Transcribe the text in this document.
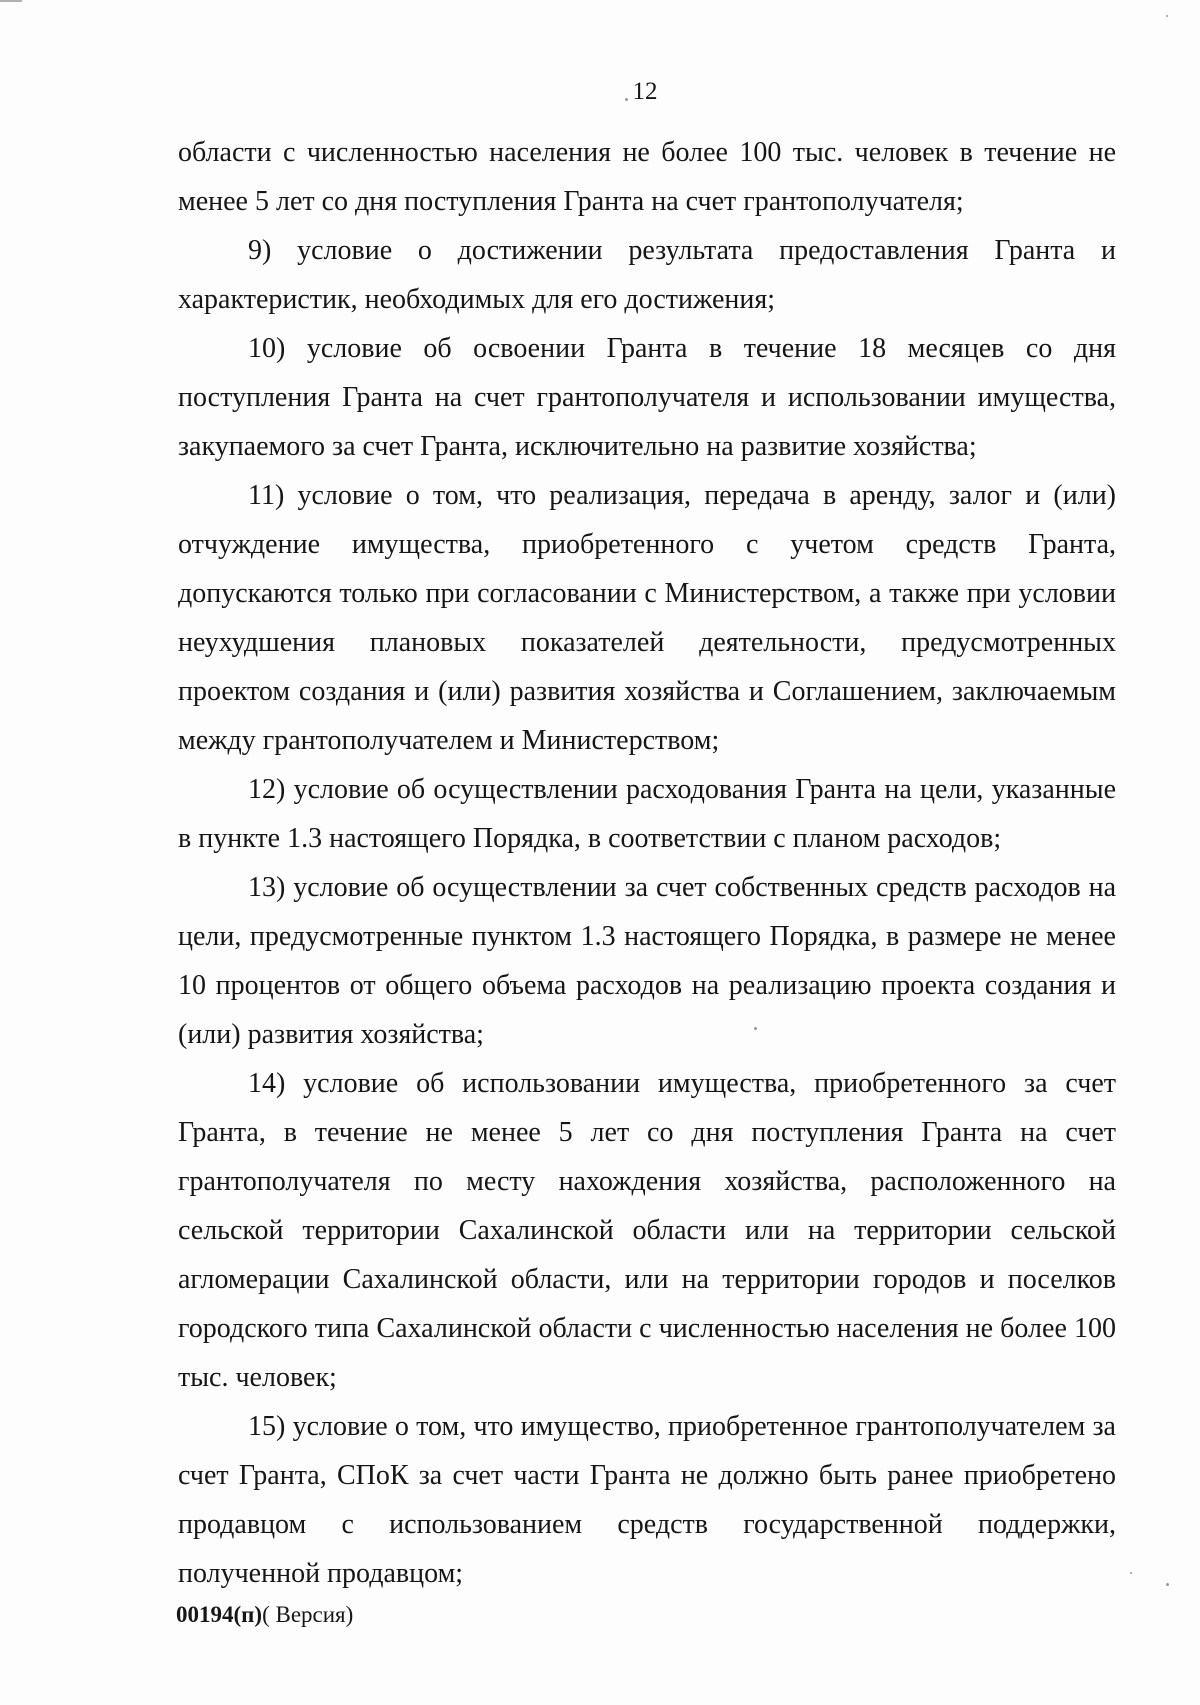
12

области с численностью населения не более 100 тыс. человек в течение не менее 5 лет со дня поступления Гранта на счет грантополучателя;

9) условие о достижении результата предоставления Гранта и характеристик, необходимых для его достижения;

10) условие об освоении Гранта в течение 18 месяцев со дня поступления Гранта на счет грантополучателя и использовании имущества, закупаемого за счет Гранта, исключительно на развитие хозяйства;

11) условие о том, что реализация, передача в аренду, залог и (или) отчуждение имущества, приобретенного с учетом средств Гранта, допускаются только при согласовании с Министерством, а также при условии неухудшения плановых показателей деятельности, предусмотренных проектом создания и (или) развития хозяйства и Соглашением, заключаемым между грантополучателем и Министерством;

12) условие об осуществлении расходования Гранта на цели, указанные в пункте 1.3 настоящего Порядка, в соответствии с планом расходов;

13) условие об осуществлении за счет собственных средств расходов на цели, предусмотренные пунктом 1.3 настоящего Порядка, в размере не менее 10 процентов от общего объема расходов на реализацию проекта создания и (или) развития хозяйства;

14) условие об использовании имущества, приобретенного за счет Гранта, в течение не менее 5 лет со дня поступления Гранта на счет грантополучателя по месту нахождения хозяйства, расположенного на сельской территории Сахалинской области или на территории сельской агломерации Сахалинской области, или на территории городов и поселков городского типа Сахалинской области с численностью населения не более 100 тыс. человек;

15) условие о том, что имущество, приобретенное грантополучателем за счет Гранта, СПоК за счет части Гранта не должно быть ранее приобретено продавцом с использованием средств государственной поддержки, полученной продавцом;

00194(п)( Версия)
